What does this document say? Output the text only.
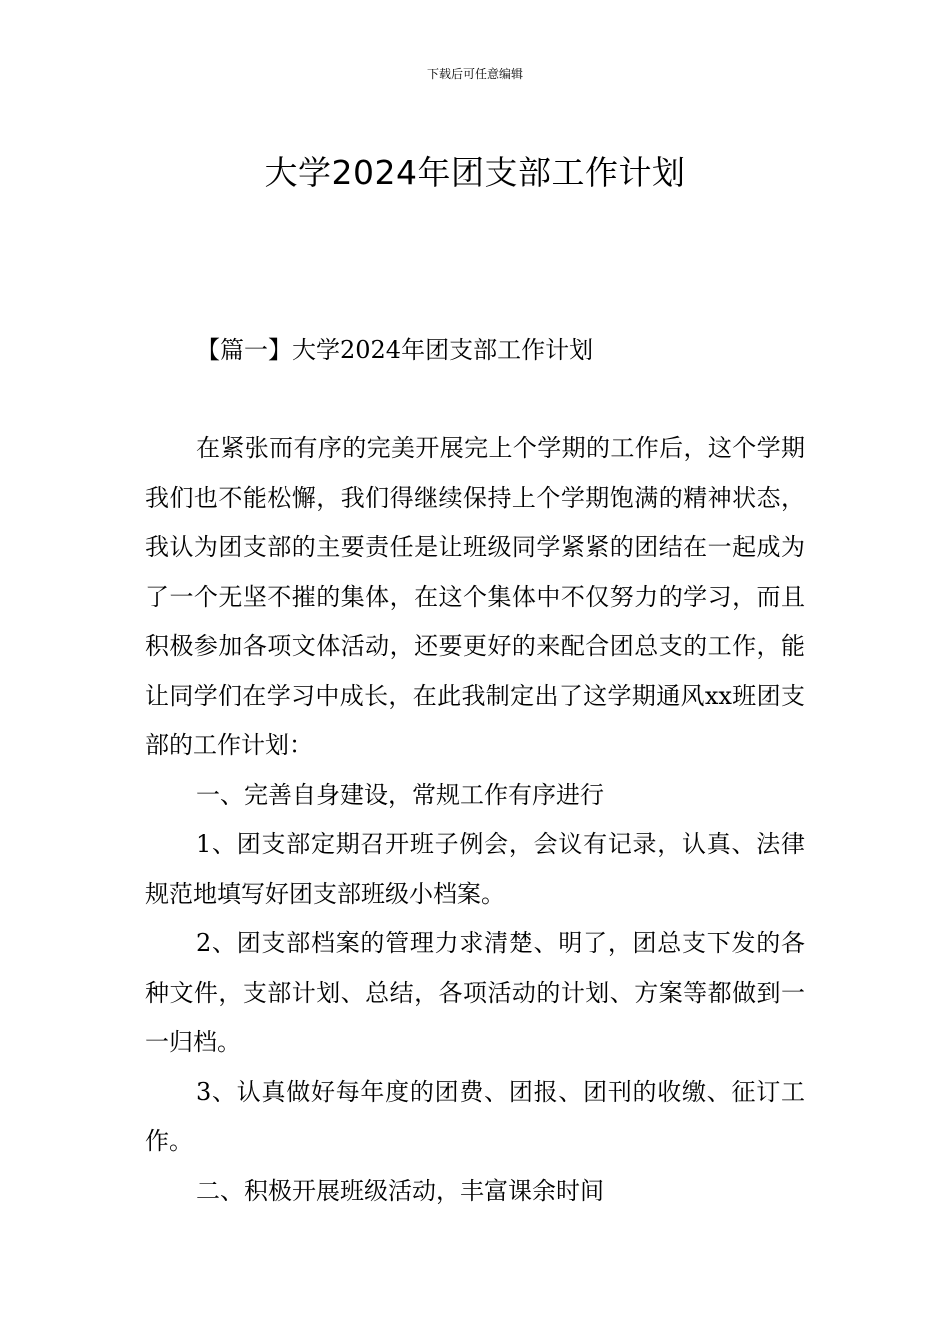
下载后可任意编辑
大学2024年团支部工作计划
【篇一】大学2024年团支部工作计划

在紧张而有序的完美开展完上个学期的工作后，这个学期我们也不能松懈，我们得继续保持上个学期饱满的精神状态，我认为团支部的主要责任是让班级同学紧紧的团结在一起成为了一个无坚不摧的集体，在这个集体中不仅努力的学习，而且积极参加各项文体活动，还要更好的来配合团总支的工作，能让同学们在学习中成长，在此我制定出了这学期通风xx班团支部的工作计划：

一、完善自身建设，常规工作有序进行

1、团支部定期召开班子例会，会议有记录，认真、法律规范地填写好团支部班级小档案。

2、团支部档案的管理力求清楚、明了，团总支下发的各种文件，支部计划、总结，各项活动的计划、方案等都做到一一归档。

3、认真做好每年度的团费、团报、团刊的收缴、征订工作。

二、积极开展班级活动，丰富课余时间
